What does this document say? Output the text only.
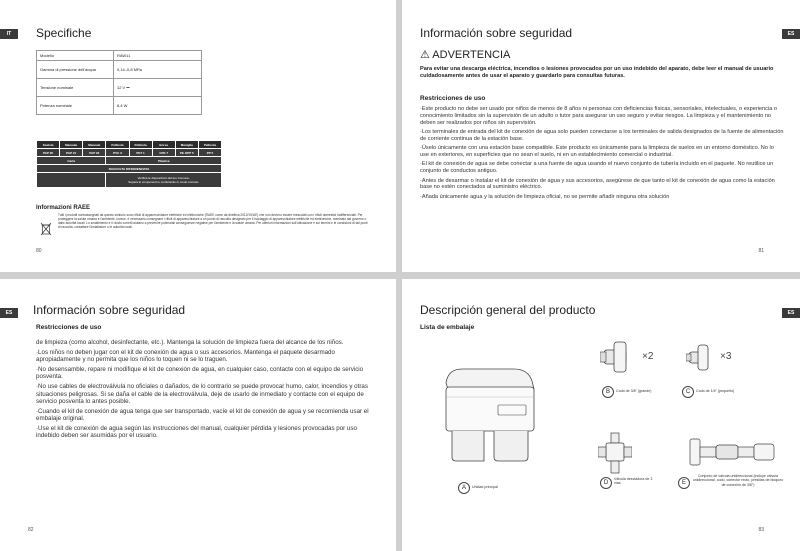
IT	Specifiche
Modello	RAW11
Gamma di pressione dell'acqua	0,14–0,8 MPa
Tensione nominale	12 V ⎓
Potenza nominale	8,4 W
Scatola	Manuale	Manuale	Pellicola	Pellicola	Borsa	Maniglia	Pellicola
PAP 20	PAP 21	PAP 22	PVC 3	PET 1	CPE 7	PE 4/PP 5	PP 5
Carta			Plastica				
RACCOLTA DIFFERENZIATA							
			Verifica le disposizioni del tuo Comune.
Separa le componenti e conferiscile in modo corretto.				
Informazioni RAEE
Tutti i prodotti contrassegnati da questo simbolo sono rifiuti di apparecchiature elettriche ed elettroniche (RAEE come da direttiva 2012/19/UE) che non devono essere mescolati con i rifiuti domestici indifferenziati. Per proteggere la salute umana e l'ambiente, invece, è necessario consegnare i rifiuti di apparecchiature a un punto di raccolta designato per il riciclaggio di apparecchiature elettriche ed elettroniche, nominato dal governo o dalle autorità locali. Lo smaltimento e il riciclo corretti aiutano a prevenire potenziali conseguenze negative per l'ambiente e la salute umana. Per ulteriori informazioni sull'ubicazione e sui termini e le condizioni di tali punti di raccolta, contattare l'installatore o le autorità locali.
80
ES
Información sobre seguridad
⚠ ADVERTENCIA
Para evitar una descarga eléctrica, incendios o lesiones provocados por un uso indebido del aparato, debe leer el manual de usuario cuidadosamente antes de usar el aparato y guardarlo para consultas futuras.
Restricciones de uso

·Este producto no debe ser usado por niños de menos de 8 años ni personas con deficiencias físicas, sensoriales, intelectuales, o experiencia o conocimiento limitados sin la supervisión de un adulto o tutor para asegurar un uso seguro y evitar riesgos. La limpieza y el mantenimiento no deben ser realizados por niños sin supervisión.

·Los terminales de entrada del kit de conexión de agua solo pueden conectarse a los terminales de salida designados de la fuente de alimentación de corriente continua de la estación base.

·Úselo únicamente con una estación base compatible. Este producto es únicamente para la limpieza de suelos en un entorno doméstico. No lo use en exteriores, en superficies que no sean el suelo, ni en un establecimiento comercial o industrial.

·El kit de conexión de agua se debe conectar a una fuente de agua usando el nuevo conjunto de tubería incluido en el paquete. No reutilice un conjunto de conductos antiguo.

·Antes de desarmar o instalar el kit de conexión de agua y sus accesorios, asegúrese de que tanto el kit de conexión de agua como la estación base no estén conectados al suministro eléctrico.

·Añada únicamente agua y la solución de limpieza oficial, no se permite añadir ninguna otra solución

81
ES	Información sobre seguridad
Restricciones de uso

de limpieza (como alcohol, desinfectante, etc.). Mantenga la solución de limpieza fuera del alcance de los niños.

·Los niños no deben jugar con el kit de conexión de agua o sus accesorios. Mantenga el paquete desarmado apropiadamente y no permita que los niños lo toquen ni se lo traguen.

·No desensamble, repare ni modifique el kit de conexión de agua, en cualquier caso, contacte con el equipo de servicio posventa.

·No use cables de electroválvula no oficiales o dañados, de lo contrario se puede provocar humo, calor, incendios y otras situaciones peligrosas. Si se daña el cable de la electroválvula, deje de usarlo de inmediato y contacte con el equipo de servicio posventa lo antes posible.

·Cuando el kit de conexión de agua tenga que ser transportado, vacíe el kit de conexión de agua y se recomienda usar el embalaje original.

·Use el kit de conexión de agua según las instrucciones del manual, cualquier pérdida y lesiones provocadas por uso indebido deben ser asumidas por el usuario.

82
ES
Descripción general del producto
Lista de embalaje
A	Unidad principal
×2
B	Codo de 3/8" (grande)
×3
C	Codo de 1/4" (pequeño)
D
Válvula desviadora de 3 vías	E
Conjunto de válvula unidireccional (incluye válvula unidireccional, codo, conector recto, presillas de bloqueo de conexión de 3/8")
83
